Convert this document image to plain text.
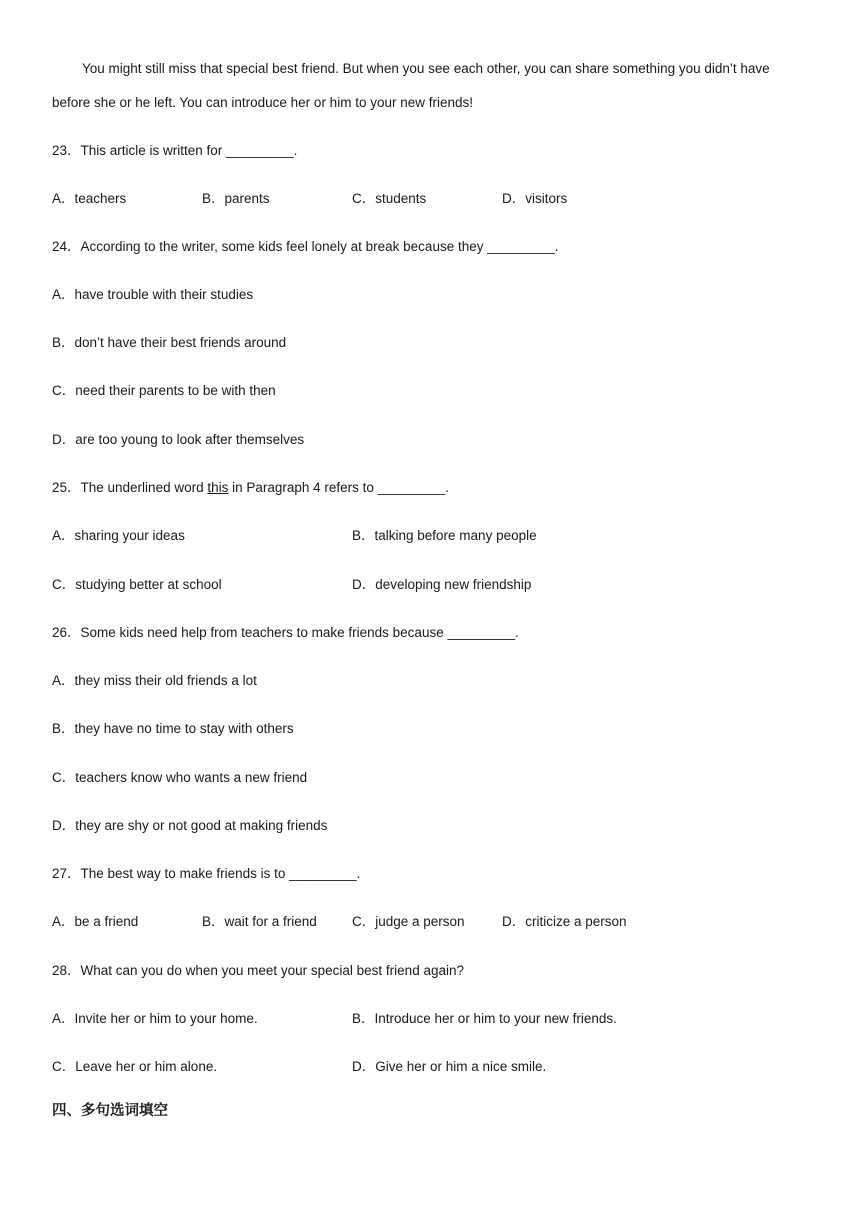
You might still miss that special best friend. But when you see each other, you can share something you didn’t have
before she or he left. You can introduce her or him to your new friends!
23．This article is written for _________.
A．teachers	B．parents	C．students	D．visitors
24．According to the writer, some kids feel lonely at break because they _________.
A．have trouble with their studies
B．don’t have their best friends around
C．need their parents to be with then
D．are too young to look after themselves
25．The underlined word this in Paragraph 4 refers to _________.
A．sharing your ideas	B．talking before many people
C．studying better at school	D．developing new friendship
26．Some kids need help from teachers to make friends because _________.
A．they miss their old friends a lot
B．they have no time to stay with others
C．teachers know who wants a new friend
D．they are shy or not good at making friends
27．The best way to make friends is to _________.
A．be a friend	B．wait for a friend	C．judge a person	D．criticize a person
28．What can you do when you meet your special best friend again?
A．Invite her or him to your home.	B．Introduce her or him to your new friends.
C．Leave her or him alone.	D．Give her or him a nice smile.
四、多句选词填空
